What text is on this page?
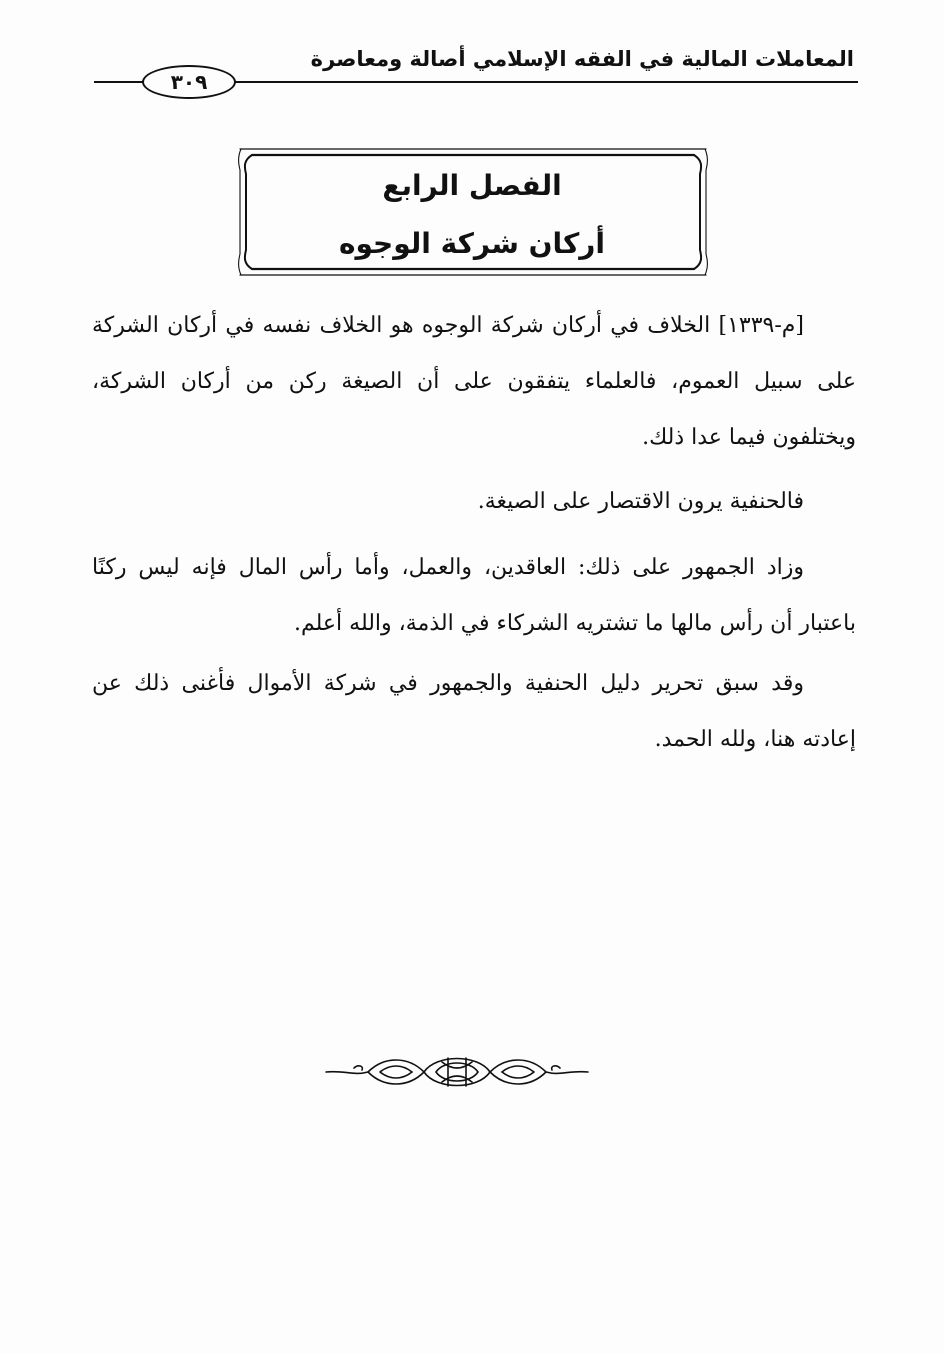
المعاملات المالية في الفقه الإسلامي أصالة ومعاصرة
٣٠٩
الفصل الرابع
أركان شركة الوجوه

[م-١٣٣٩] الخلاف في أركان شركة الوجوه هو الخلاف نفسه في أركان الشركة على سبيل العموم، فالعلماء يتفقون على أن الصيغة ركن من أركان الشركة، ويختلفون فيما عدا ذلك.

فالحنفية يرون الاقتصار على الصيغة.

وزاد الجمهور على ذلك: العاقدين، والعمل، وأما رأس المال فإنه ليس ركنًا باعتبار أن رأس مالها ما تشتريه الشركاء في الذمة، والله أعلم.

وقد سبق تحرير دليل الحنفية والجمهور في شركة الأموال فأغنى ذلك عن إعادته هنا، ولله الحمد.
